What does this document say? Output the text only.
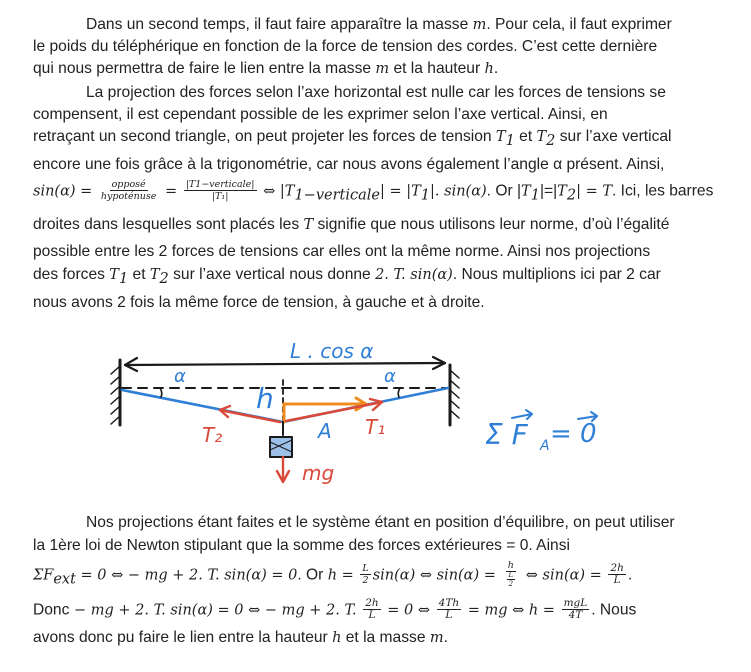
Dans un second temps, il faut faire apparaître la masse m. Pour cela, il faut exprimer
le poids du téléphérique en fonction de la force de tension des cordes. C’est cette dernière
qui nous permettra de faire le lien entre la masse m et la hauteur h.
La projection des forces selon l’axe horizontal est nulle car les forces de tensions se
compensent, il est cependant possible de les exprimer selon l’axe vertical. Ainsi, en
retraçant un second triangle, on peut projeter les forces de tension $T_1$ et $T_2$ sur l’axe vertical
encore une fois grâce à la trigonométrie, car nous avons également l’angle α présent. Ainsi,
$\sin(\alpha) = \frac{\text{opposé}}{\text{hypoténuse}} = \frac{\text{|T1−verticale|}}{\text{|T₁|}}$ ⇔ $|T_{1-verticale}| = |T_1|$. sin(α). Or $|T_1|=|T_2| = T$. Ici, les barres
droites dans lesquelles sont placés les T signifie que nous utilisons leur norme, d’où l’égalité
possible entre les 2 forces de tensions car elles ont la même norme. Ainsi nos projections
des forces $T_1$ et $T_2$ sur l’axe vertical nous donne 2. T. sin(α). Nous multiplions ici par 2 car
nous avons 2 fois la même force de tension, à gauche et à droite.
L . cos α
α	α
h
A T₁
T₂
mg
Σ F A = 0
Nos projections étant faites et le système étant en position d’équilibre, on peut utiliser
la 1ère loi de Newton stipulant que la somme des forces extérieures = 0. Ainsi
$\Sigma F_{ext} = 0$ ⇔ − mg + 2. T. sin(α) = 0. Or $h = \frac{L}{2} \sin(\alpha)$ ⇔ $\sin(\alpha) = \frac{h}{\frac{L}{2}}$ ⇔ $\sin(\alpha) = \frac{2h}{L}$ .
Donc − mg + 2. T. sin(α) = 0 ⇔ − mg + 2. T. $\frac{2h}{L} = 0$ ⇔ $\frac{4Th}{L}$ = mg ⇔ $h = \frac{\text{mgL}}{4T}$ . Nous
avons donc pu faire le lien entre la hauteur h et la masse m.
